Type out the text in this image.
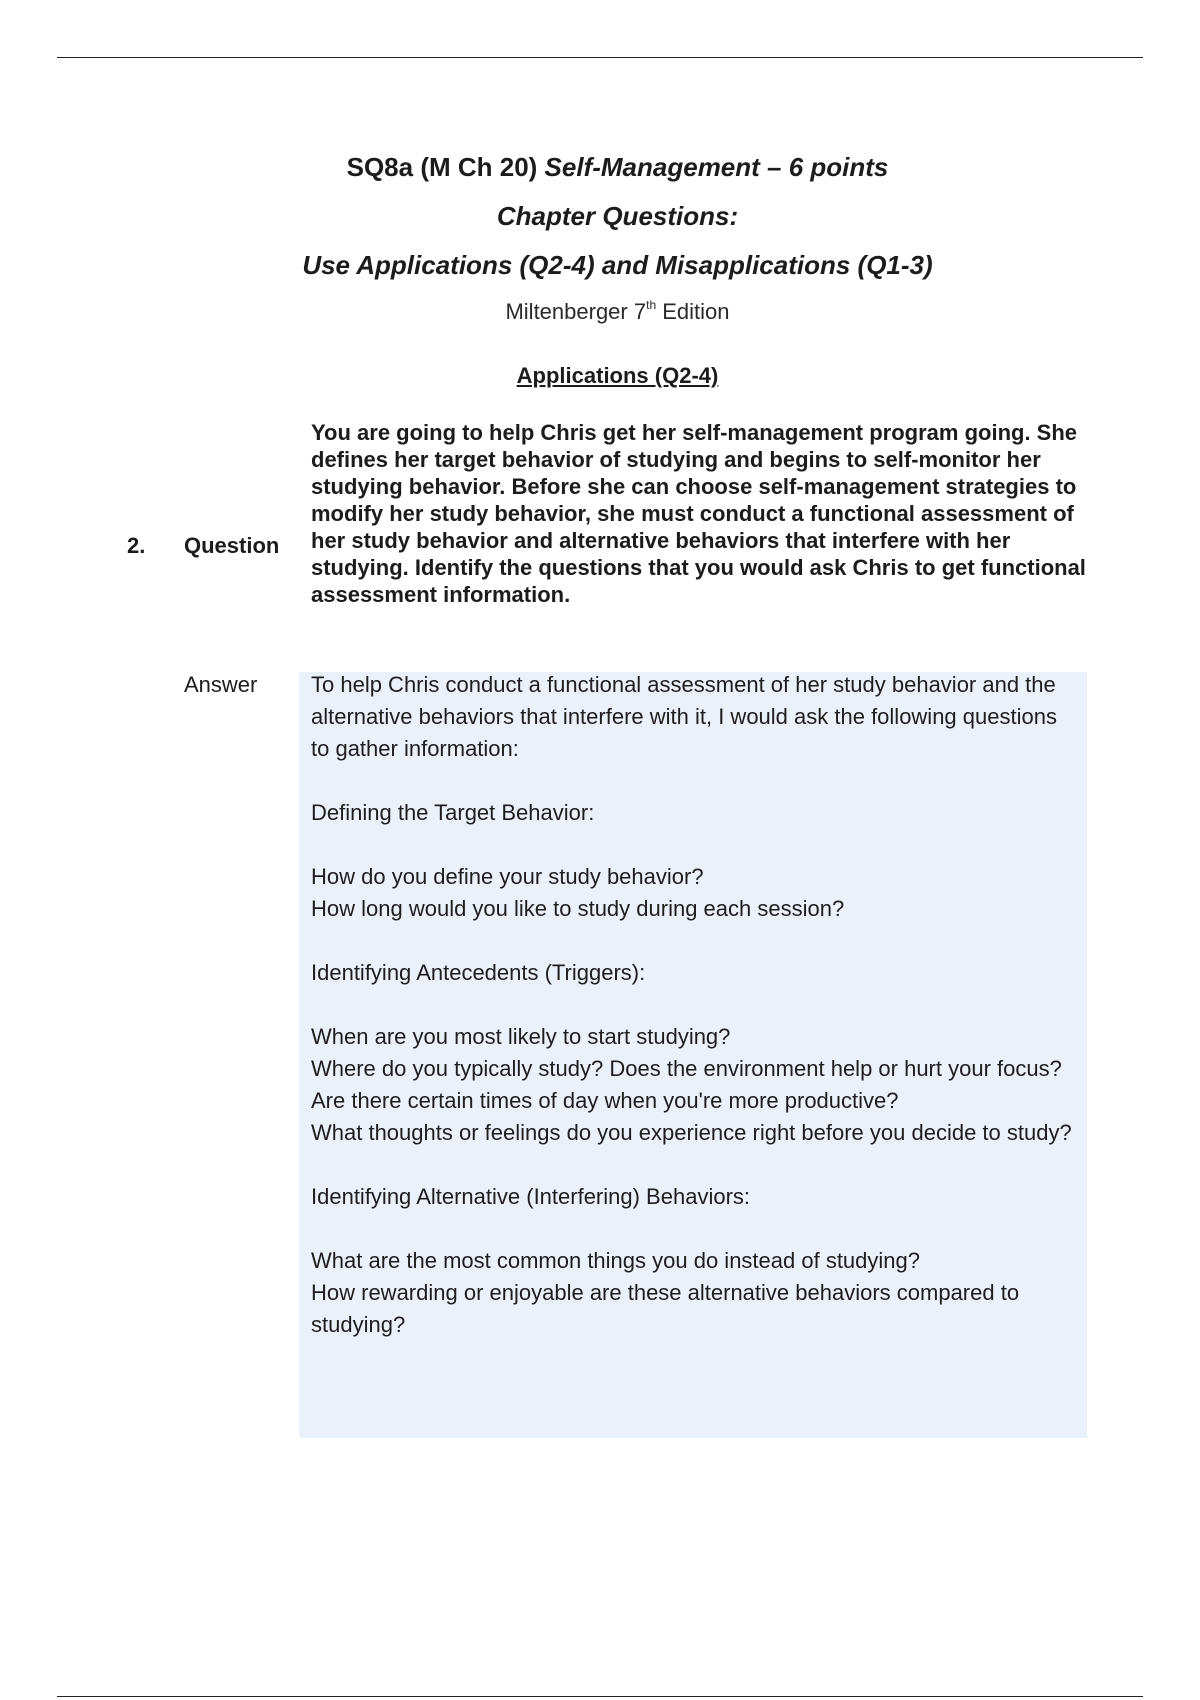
SQ8a (M Ch 20) Self-Management – 6 points
Chapter Questions:
Use Applications (Q2-4) and Misapplications (Q1-3)
Miltenberger 7th Edition
Applications (Q2-4)
2. Question
You are going to help Chris get her self-management program going. She defines her target behavior of studying and begins to self-monitor her studying behavior. Before she can choose self-management strategies to modify her study behavior, she must conduct a functional assessment of her study behavior and alternative behaviors that interfere with her studying. Identify the questions that you would ask Chris to get functional assessment information.
Answer To help Chris conduct a functional assessment of her study behavior and the alternative behaviors that interfere with it, I would ask the following questions to gather information:

Defining the Target Behavior:

How do you define your study behavior?

How long would you like to study during each session?

Identifying Antecedents (Triggers):

When are you most likely to start studying?

Where do you typically study? Does the environment help or hurt your focus?

Are there certain times of day when you're more productive?

What thoughts or feelings do you experience right before you decide to study?

Identifying Alternative (Interfering) Behaviors:

What are the most common things you do instead of studying?

How rewarding or enjoyable are these alternative behaviors compared to studying?
